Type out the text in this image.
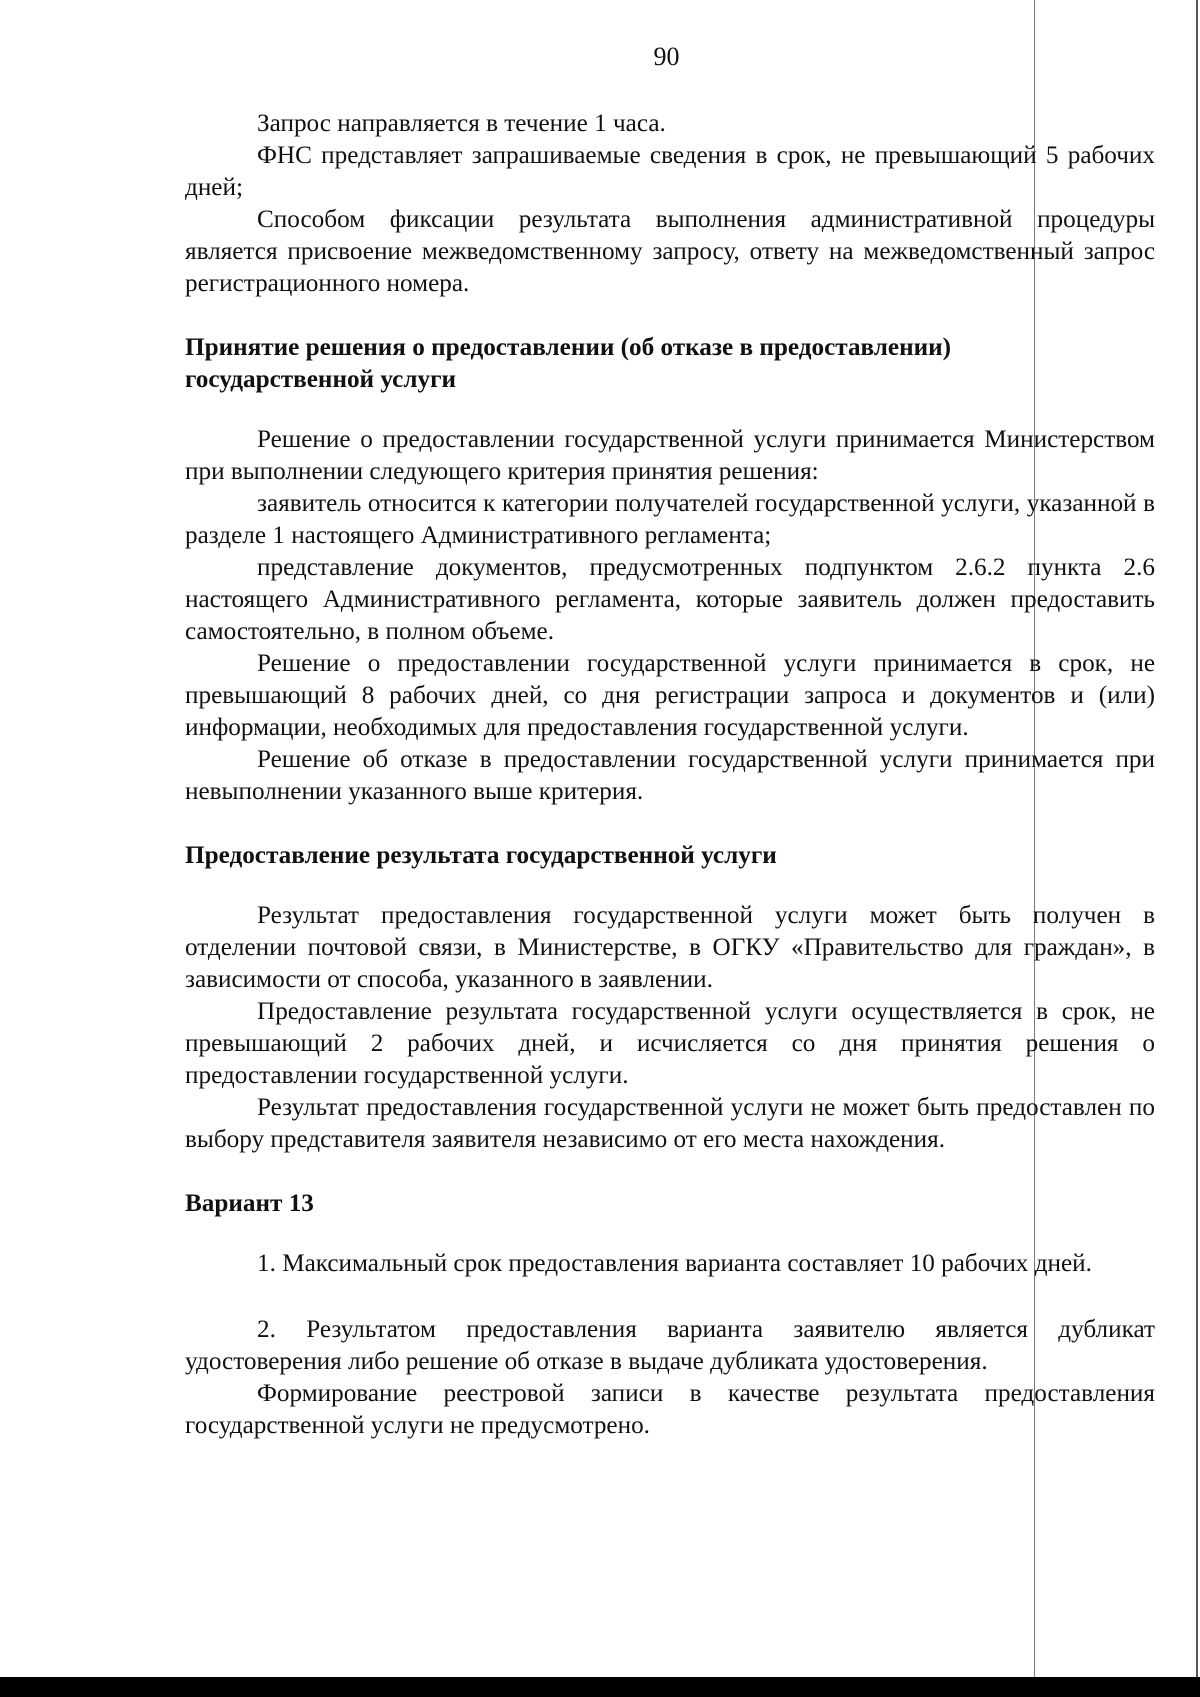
90

Запрос направляется в течение 1 часа.

ФНС представляет запрашиваемые сведения в срок, не превышающий 5 рабочих дней;

Способом фиксации результата выполнения административной процедуры является присвоение межведомственному запросу, ответу на межведомственный запрос регистрационного номера.

Принятие решения о предоставлении (об отказе в предоставлении)
государственной услуги

Решение о предоставлении государственной услуги принимается Министерством при выполнении следующего критерия принятия решения:

заявитель относится к категории получателей государственной услуги, указанной в разделе 1 настоящего Административного регламента;

представление документов, предусмотренных подпунктом 2.6.2 пункта 2.6 настоящего Административного регламента, которые заявитель должен предоставить самостоятельно, в полном объеме.

Решение о предоставлении государственной услуги принимается в срок, не превышающий 8 рабочих дней, со дня регистрации запроса и документов и (или) информации, необходимых для предоставления государственной услуги.

Решение об отказе в предоставлении государственной услуги принимается при невыполнении указанного выше критерия.

Предоставление результата государственной услуги

Результат предоставления государственной услуги может быть получен в отделении почтовой связи, в Министерстве, в ОГКУ «Правительство для граждан», в зависимости от способа, указанного в заявлении.

Предоставление результата государственной услуги осуществляется в срок, не превышающий 2 рабочих дней, и исчисляется со дня принятия решения о предоставлении государственной услуги.

Результат предоставления государственной услуги не может быть предоставлен по выбору представителя заявителя независимо от его места нахождения.

Вариант 13

1. Максимальный срок предоставления варианта составляет 10 рабочих дней.

2. Результатом предоставления варианта заявителю является дубликат удостоверения либо решение об отказе в выдаче дубликата удостоверения.

Формирование реестровой записи в качестве результата предоставления государственной услуги не предусмотрено.
